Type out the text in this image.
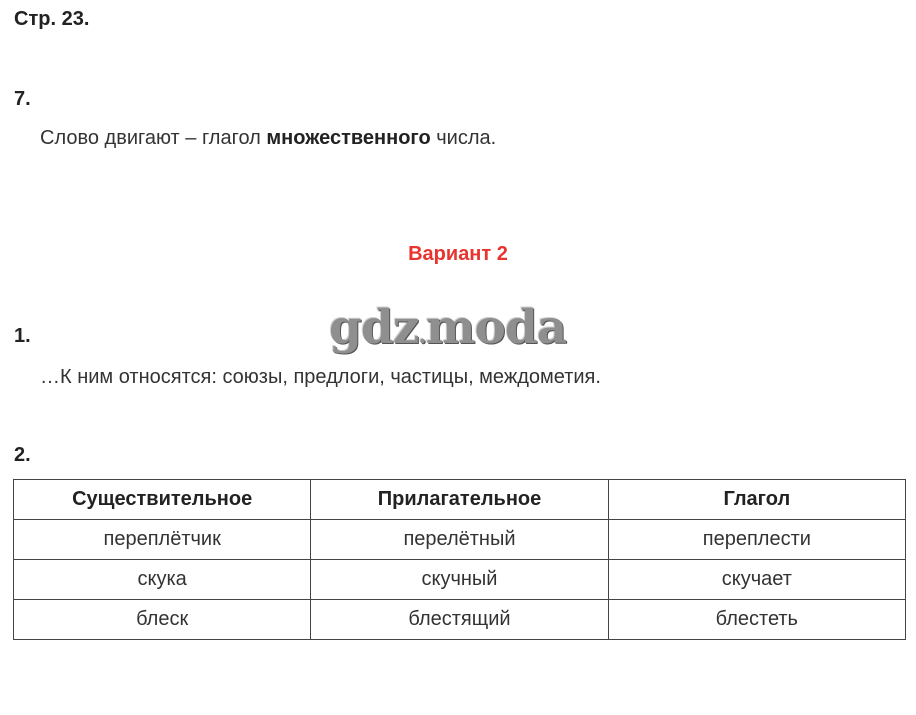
Стр. 23.
7.
Слово двигают – глагол множественного числа.
Вариант 2
gdz.moda
1.
…К ним относятся: союзы, предлоги, частицы, междометия.
2.
Существительное	Прилагательное	Глагол
переплётчик	перелётный	переплести
скука	скучный	скучает
блеск	блестящий	блестеть
